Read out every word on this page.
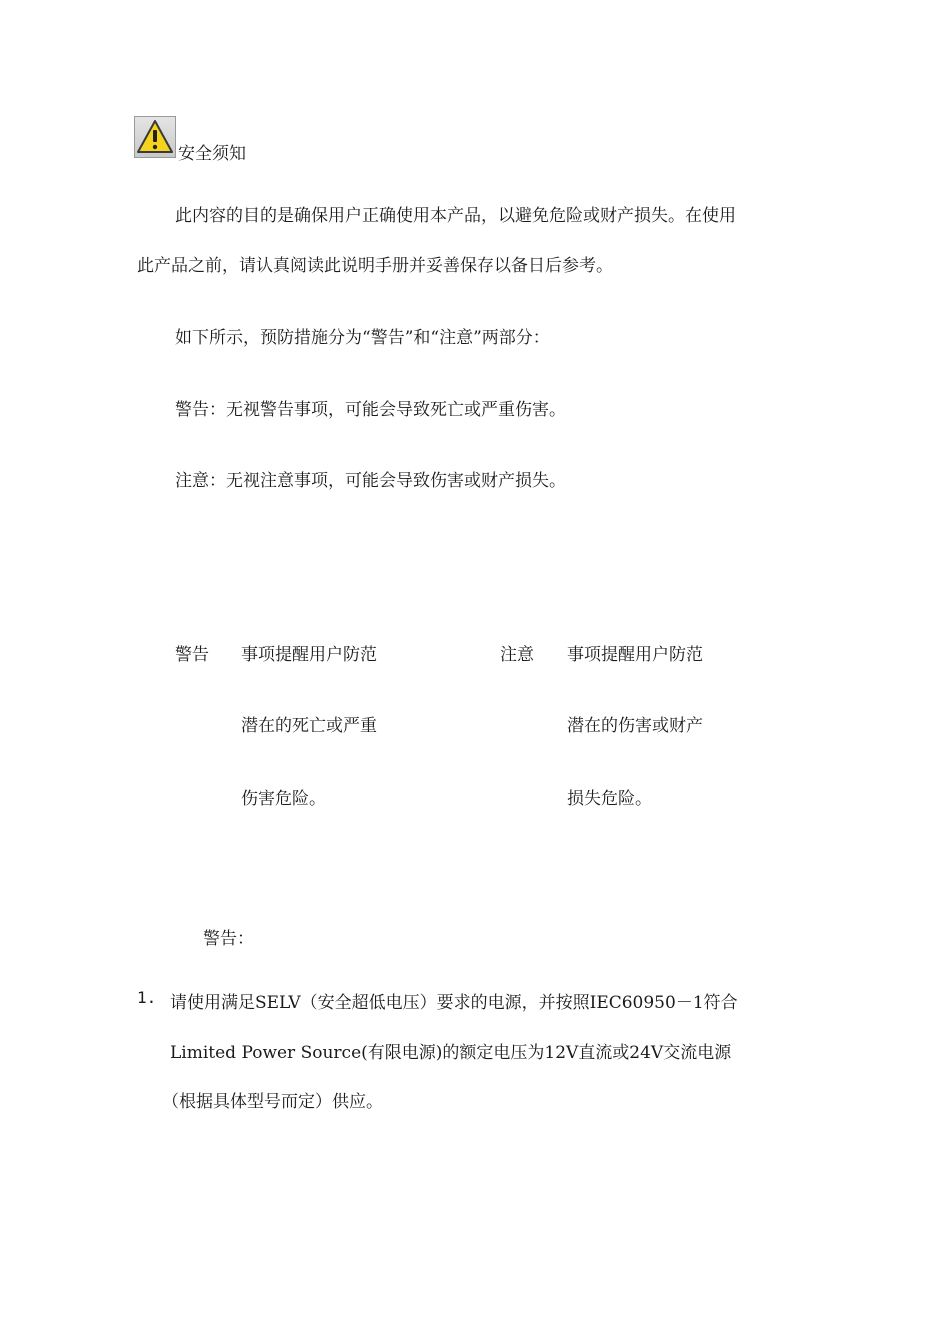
安全须知
此内容的目的是确保用户正确使用本产品，以避免危险或财产损失。在使用
此产品之前，请认真阅读此说明手册并妥善保存以备日后参考。
如下所示，预防措施分为“警告”和“注意”两部分：
警告：无视警告事项，可能会导致死亡或严重伤害。
注意：无视注意事项，可能会导致伤害或财产损失。
警告 事项提醒用户防范
潜在的死亡或严重
伤害危险。
注意 事项提醒用户防范
潜在的伤害或财产
损失危险。
警告：
1. 请使用满足SELV（安全超低电压）要求的电源，并按照IEC60950－1符合
Limited Power Source(有限电源)的额定电压为12V直流或24V交流电源
（根据具体型号而定）供应。
